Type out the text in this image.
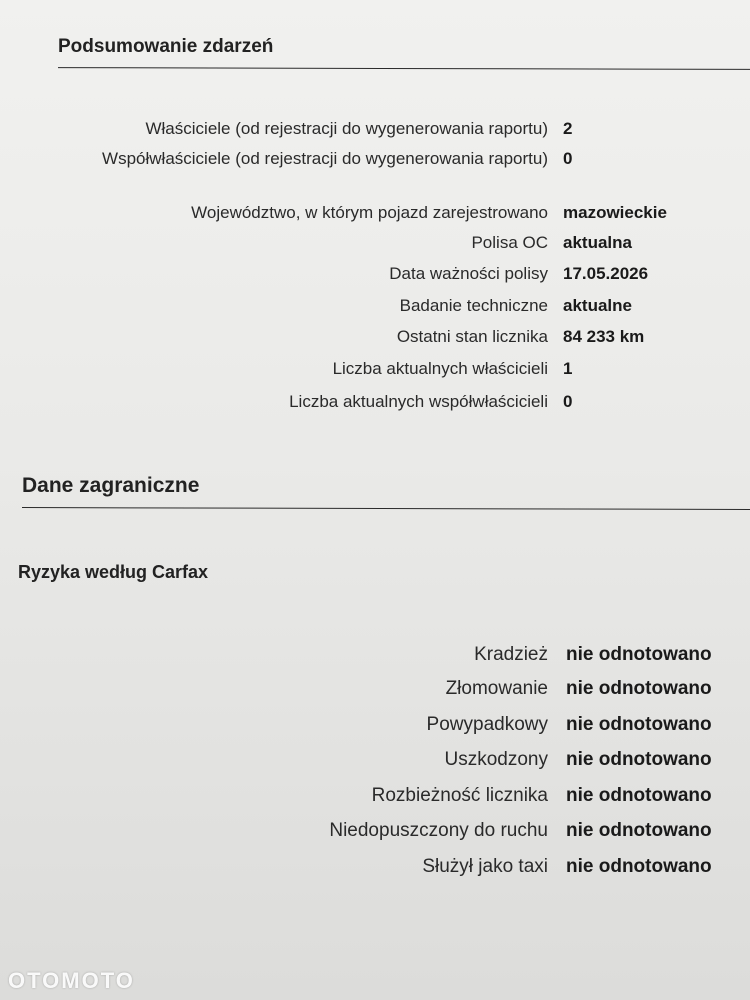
Podsumowanie zdarzeń
Właściciele (od rejestracji do wygenerowania raportu) 2
Współwłaściciele (od rejestracji do wygenerowania raportu) 0
Województwo, w którym pojazd zarejestrowano mazowieckie
Polisa OC aktualna
Data ważności polisy 17.05.2026
Badanie techniczne aktualne
Ostatni stan licznika 84 233 km
Liczba aktualnych właścicieli 1
Liczba aktualnych współwłaścicieli 0
Dane zagraniczne
Ryzyka według Carfax
Kradzież nie odnotowano
Złomowanie nie odnotowano
Powypadkowy nie odnotowano
Uszkodzony nie odnotowano
Rozbieżność licznika nie odnotowano
Niedopuszczony do ruchu nie odnotowano
Służył jako taxi nie odnotowano
OTOMOTO
